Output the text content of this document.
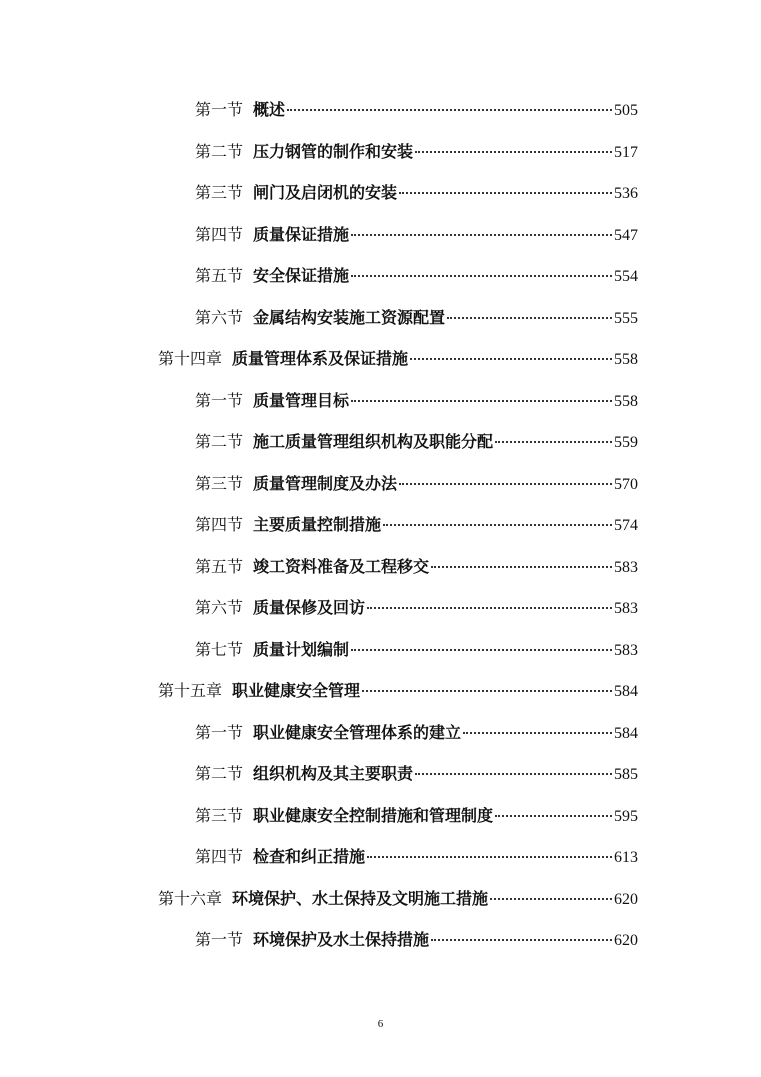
第一节 概述	505
第二节 压力钢管的制作和安装	517
第三节 闸门及启闭机的安装	536
第四节 质量保证措施	547
第五节 安全保证措施	554
第六节 金属结构安装施工资源配置	555
第十四章 质量管理体系及保证措施	558
第一节 质量管理目标	558
第二节 施工质量管理组织机构及职能分配	559
第三节 质量管理制度及办法	570
第四节 主要质量控制措施	574
第五节 竣工资料准备及工程移交	583
第六节 质量保修及回访	583
第七节 质量计划编制	583
第十五章 职业健康安全管理	584
第一节 职业健康安全管理体系的建立	584
第二节 组织机构及其主要职责	585
第三节 职业健康安全控制措施和管理制度	595
第四节 检查和纠正措施	613
第十六章 环境保护、水土保持及文明施工措施	620
第一节 环境保护及水土保持措施	620
6
